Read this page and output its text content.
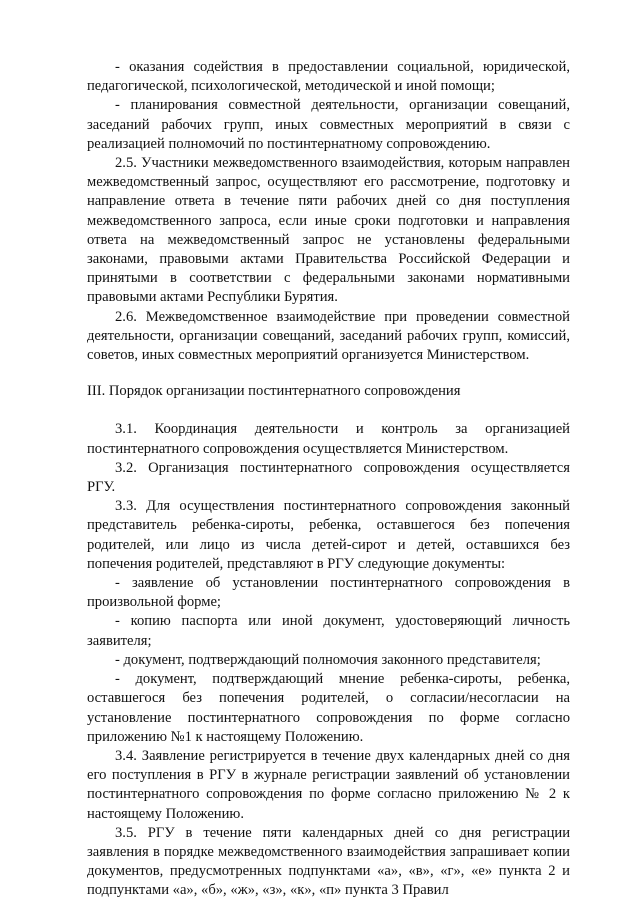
- оказания содействия в предоставлении социальной, юридической, педагогической, психологической, методической и иной помощи;

- планирования совместной деятельности, организации совещаний, заседаний рабочих групп, иных совместных мероприятий в связи с реализацией полномочий по постинтернатному сопровождению.

2.5. Участники межведомственного взаимодействия, которым направлен межведомственный запрос, осуществляют его рассмотрение, подготовку и направление ответа в течение пяти рабочих дней со дня поступления межведомственного запроса, если иные сроки подготовки и направления ответа на межведомственный запрос не установлены федеральными законами, правовыми актами Правительства Российской Федерации и принятыми в соответствии с федеральными законами нормативными правовыми актами Республики Бурятия.

2.6. Межведомственное взаимодействие при проведении совместной деятельности, организации совещаний, заседаний рабочих групп, комиссий, советов, иных совместных мероприятий организуется Министерством.

III. Порядок организации постинтернатного сопровождения

3.1. Координация деятельности и контроль за организацией постинтернатного сопровождения осуществляется Министерством.

3.2. Организация постинтернатного сопровождения осуществляется РГУ.

3.3. Для осуществления постинтернатного сопровождения законный представитель ребенка-сироты, ребенка, оставшегося без попечения родителей, или лицо из числа детей-сирот и детей, оставшихся без попечения родителей, представляют в РГУ следующие документы:

- заявление об установлении постинтернатного сопровождения в произвольной форме;

- копию паспорта или иной документ, удостоверяющий личность заявителя;

- документ, подтверждающий полномочия законного представителя;

- документ, подтверждающий мнение ребенка-сироты, ребенка, оставшегося без попечения родителей, о согласии/несогласии на установление постинтернатного сопровождения по форме согласно приложению №1 к настоящему Положению.

3.4. Заявление регистрируется в течение двух календарных дней со дня его поступления в РГУ в журнале регистрации заявлений об установлении постинтернатного сопровождения по форме согласно приложению № 2 к настоящему Положению.

3.5. РГУ в течение пяти календарных дней со дня регистрации заявления в порядке межведомственного взаимодействия запрашивает копии документов, предусмотренных подпунктами «а», «в», «г», «е» пункта 2 и подпунктами «а», «б», «ж», «з», «к», «п» пункта 3 Правил
